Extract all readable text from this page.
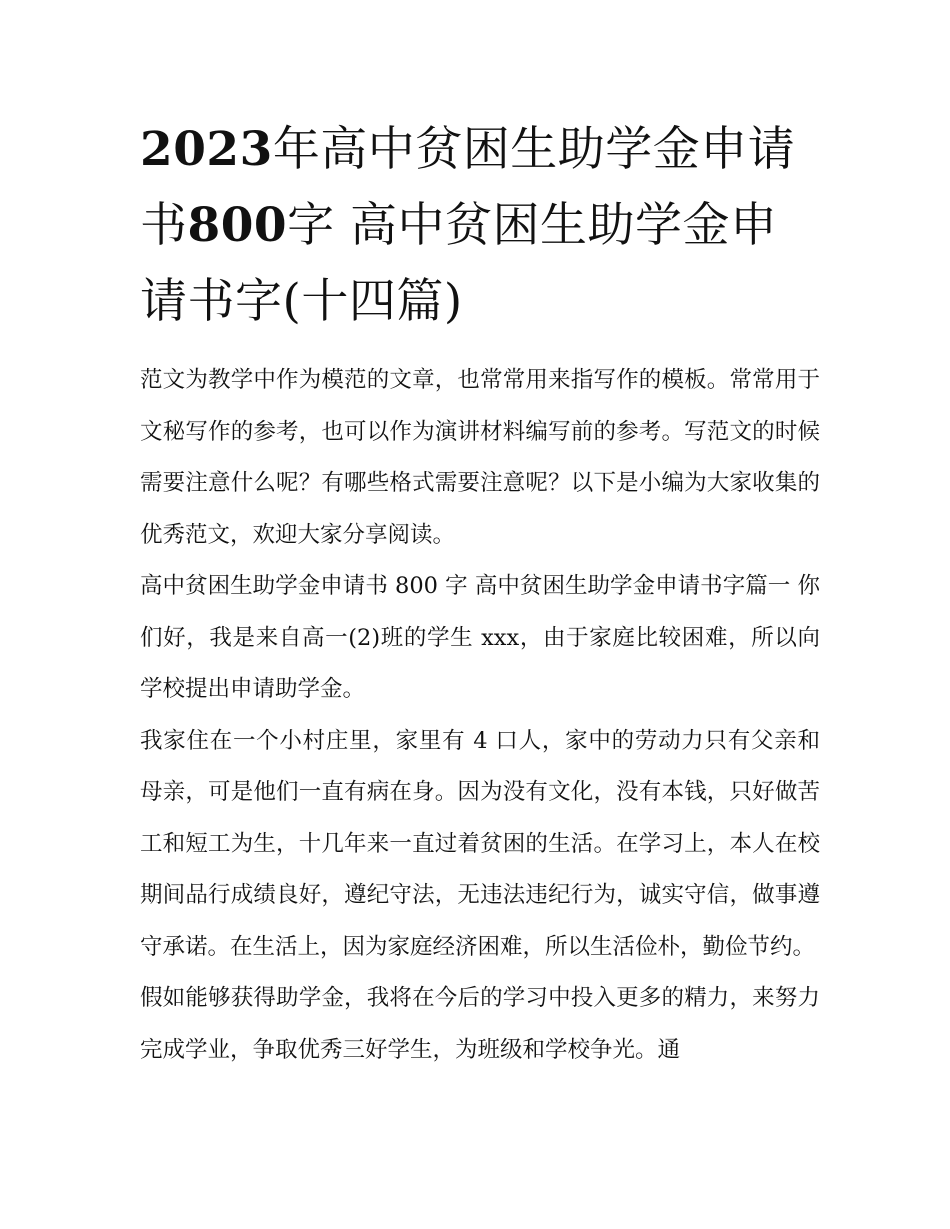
2023年高中贫困生助学金申请书800字 高中贫困生助学金申请书字(十四篇)

范文为教学中作为模范的文章，也常常用来指写作的模板。常常用于文秘写作的参考，也可以作为演讲材料编写前的参考。写范文的时候需要注意什么呢？有哪些格式需要注意呢？以下是小编为大家收集的优秀范文，欢迎大家分享阅读。

高中贫困生助学金申请书 800 字 高中贫困生助学金申请书字篇一 你们好，我是来自高一(2)班的学生 xxx，由于家庭比较困难，所以向学校提出申请助学金。

我家住在一个小村庄里，家里有 4 口人，家中的劳动力只有父亲和母亲，可是他们一直有病在身。因为没有文化，没有本钱，只好做苦工和短工为生，十几年来一直过着贫困的生活。在学习上，本人在校期间品行成绩良好，遵纪守法，无违法违纪行为，诚实守信，做事遵守承诺。在生活上，因为家庭经济困难，所以生活俭朴，勤俭节约。

假如能够获得助学金，我将在今后的学习中投入更多的精力，来努力完成学业，争取优秀三好学生，为班级和学校争光。通
